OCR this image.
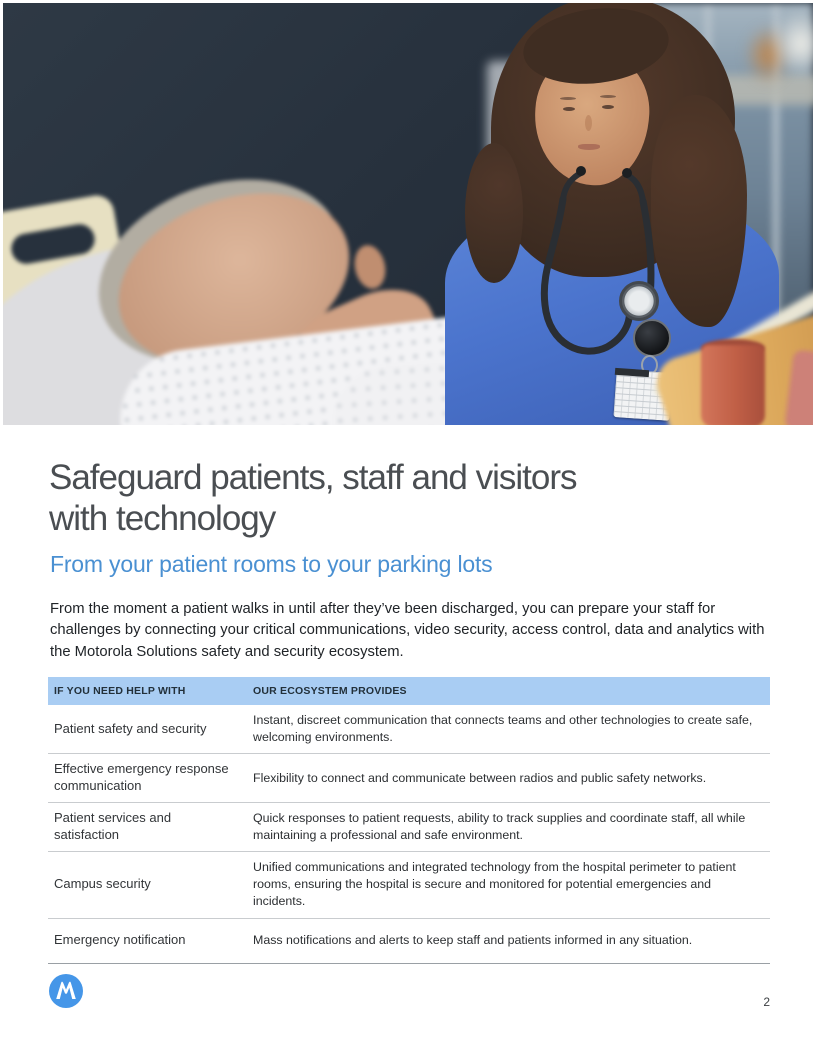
Safeguard patients, staff and visitors
with technology
From your patient rooms to your parking lots

From the moment a patient walks in until after they’ve been discharged, you can prepare your staff for challenges by connecting your critical communications, video security, access control, data and analytics with the Motorola Solutions safety and security ecosystem.

IF YOU NEED HELP WITH	OUR ECOSYSTEM PROVIDES
Patient safety and security
Instant, discreet communication that connects teams and other technologies to create safe, welcoming environments.
Effective emergency response communication
Flexibility to connect and communicate between radios and public safety networks.
Patient services and satisfaction
Quick responses to patient requests, ability to track supplies and coordinate staff, all while maintaining a professional and safe environment.
Campus security
Unified communications and integrated technology from the hospital perimeter to patient rooms, ensuring the hospital is secure and monitored for potential emergencies and incidents.
Emergency notification	Mass notifications and alerts to keep staff and patients informed in any situation.
2
